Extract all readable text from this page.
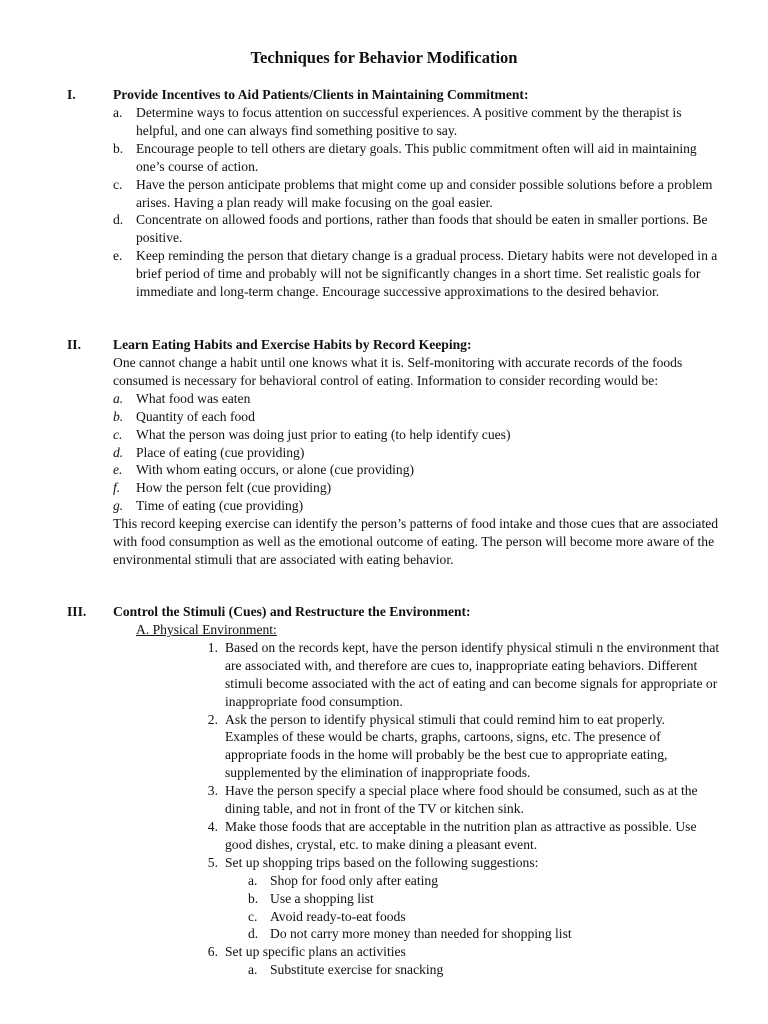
Techniques for Behavior Modification
I.	Provide Incentives to Aid Patients/Clients in Maintaining Commitment:
a. Determine ways to focus attention on successful experiences. A positive comment by the therapist is helpful, and one can always find something positive to say.
b. Encourage people to tell others are dietary goals. This public commitment often will aid in maintaining one’s course of action.
c. Have the person anticipate problems that might come up and consider possible solutions before a problem arises. Having a plan ready will make focusing on the goal easier.
d. Concentrate on allowed foods and portions, rather than foods that should be eaten in smaller portions. Be positive.
e. Keep reminding the person that dietary change is a gradual process. Dietary habits were not developed in a brief period of time and probably will not be significantly changes in a short time. Set realistic goals for immediate and long-term change. Encourage successive approximations to the desired behavior.
II. Learn Eating Habits and Exercise Habits by Record Keeping:
One cannot change a habit until one knows what it is. Self-monitoring with accurate records of the foods consumed is necessary for behavioral control of eating. Information to consider recording would be:
a. What food was eaten
b. Quantity of each food
c. What the person was doing just prior to eating (to help identify cues)
d. Place of eating (cue providing)
e. With whom eating occurs, or alone (cue providing)
f. How the person felt (cue providing)
g. Time of eating (cue providing)
This record keeping exercise can identify the person’s patterns of food intake and those cues that are associated with food consumption as well as the emotional outcome of eating. The person will become more aware of the environmental stimuli that are associated with eating behavior.
III. Control the Stimuli (Cues) and Restructure the Environment:
A. Physical Environment:
1. Based on the records kept, have the person identify physical stimuli n the environment that are associated with, and therefore are cues to, inappropriate eating behaviors. Different stimuli become associated with the act of eating and can become signals for appropriate or inappropriate food consumption.
2. Ask the person to identify physical stimuli that could remind him to eat properly. Examples of these would be charts, graphs, cartoons, signs, etc. The presence of appropriate foods in the home will probably be the best cue to appropriate eating, supplemented by the elimination of inappropriate foods.
3. Have the person specify a special place where food should be consumed, such as at the dining table, and not in front of the TV or kitchen sink.
4. Make those foods that are acceptable in the nutrition plan as attractive as possible. Use good dishes, crystal, etc. to make dining a pleasant event.
5. Set up shopping trips based on the following suggestions:
a. Shop for food only after eating
b. Use a shopping list
c. Avoid ready-to-eat foods
d. Do not carry more money than needed for shopping list
6. Set up specific plans an activities
a. Substitute exercise for snacking
